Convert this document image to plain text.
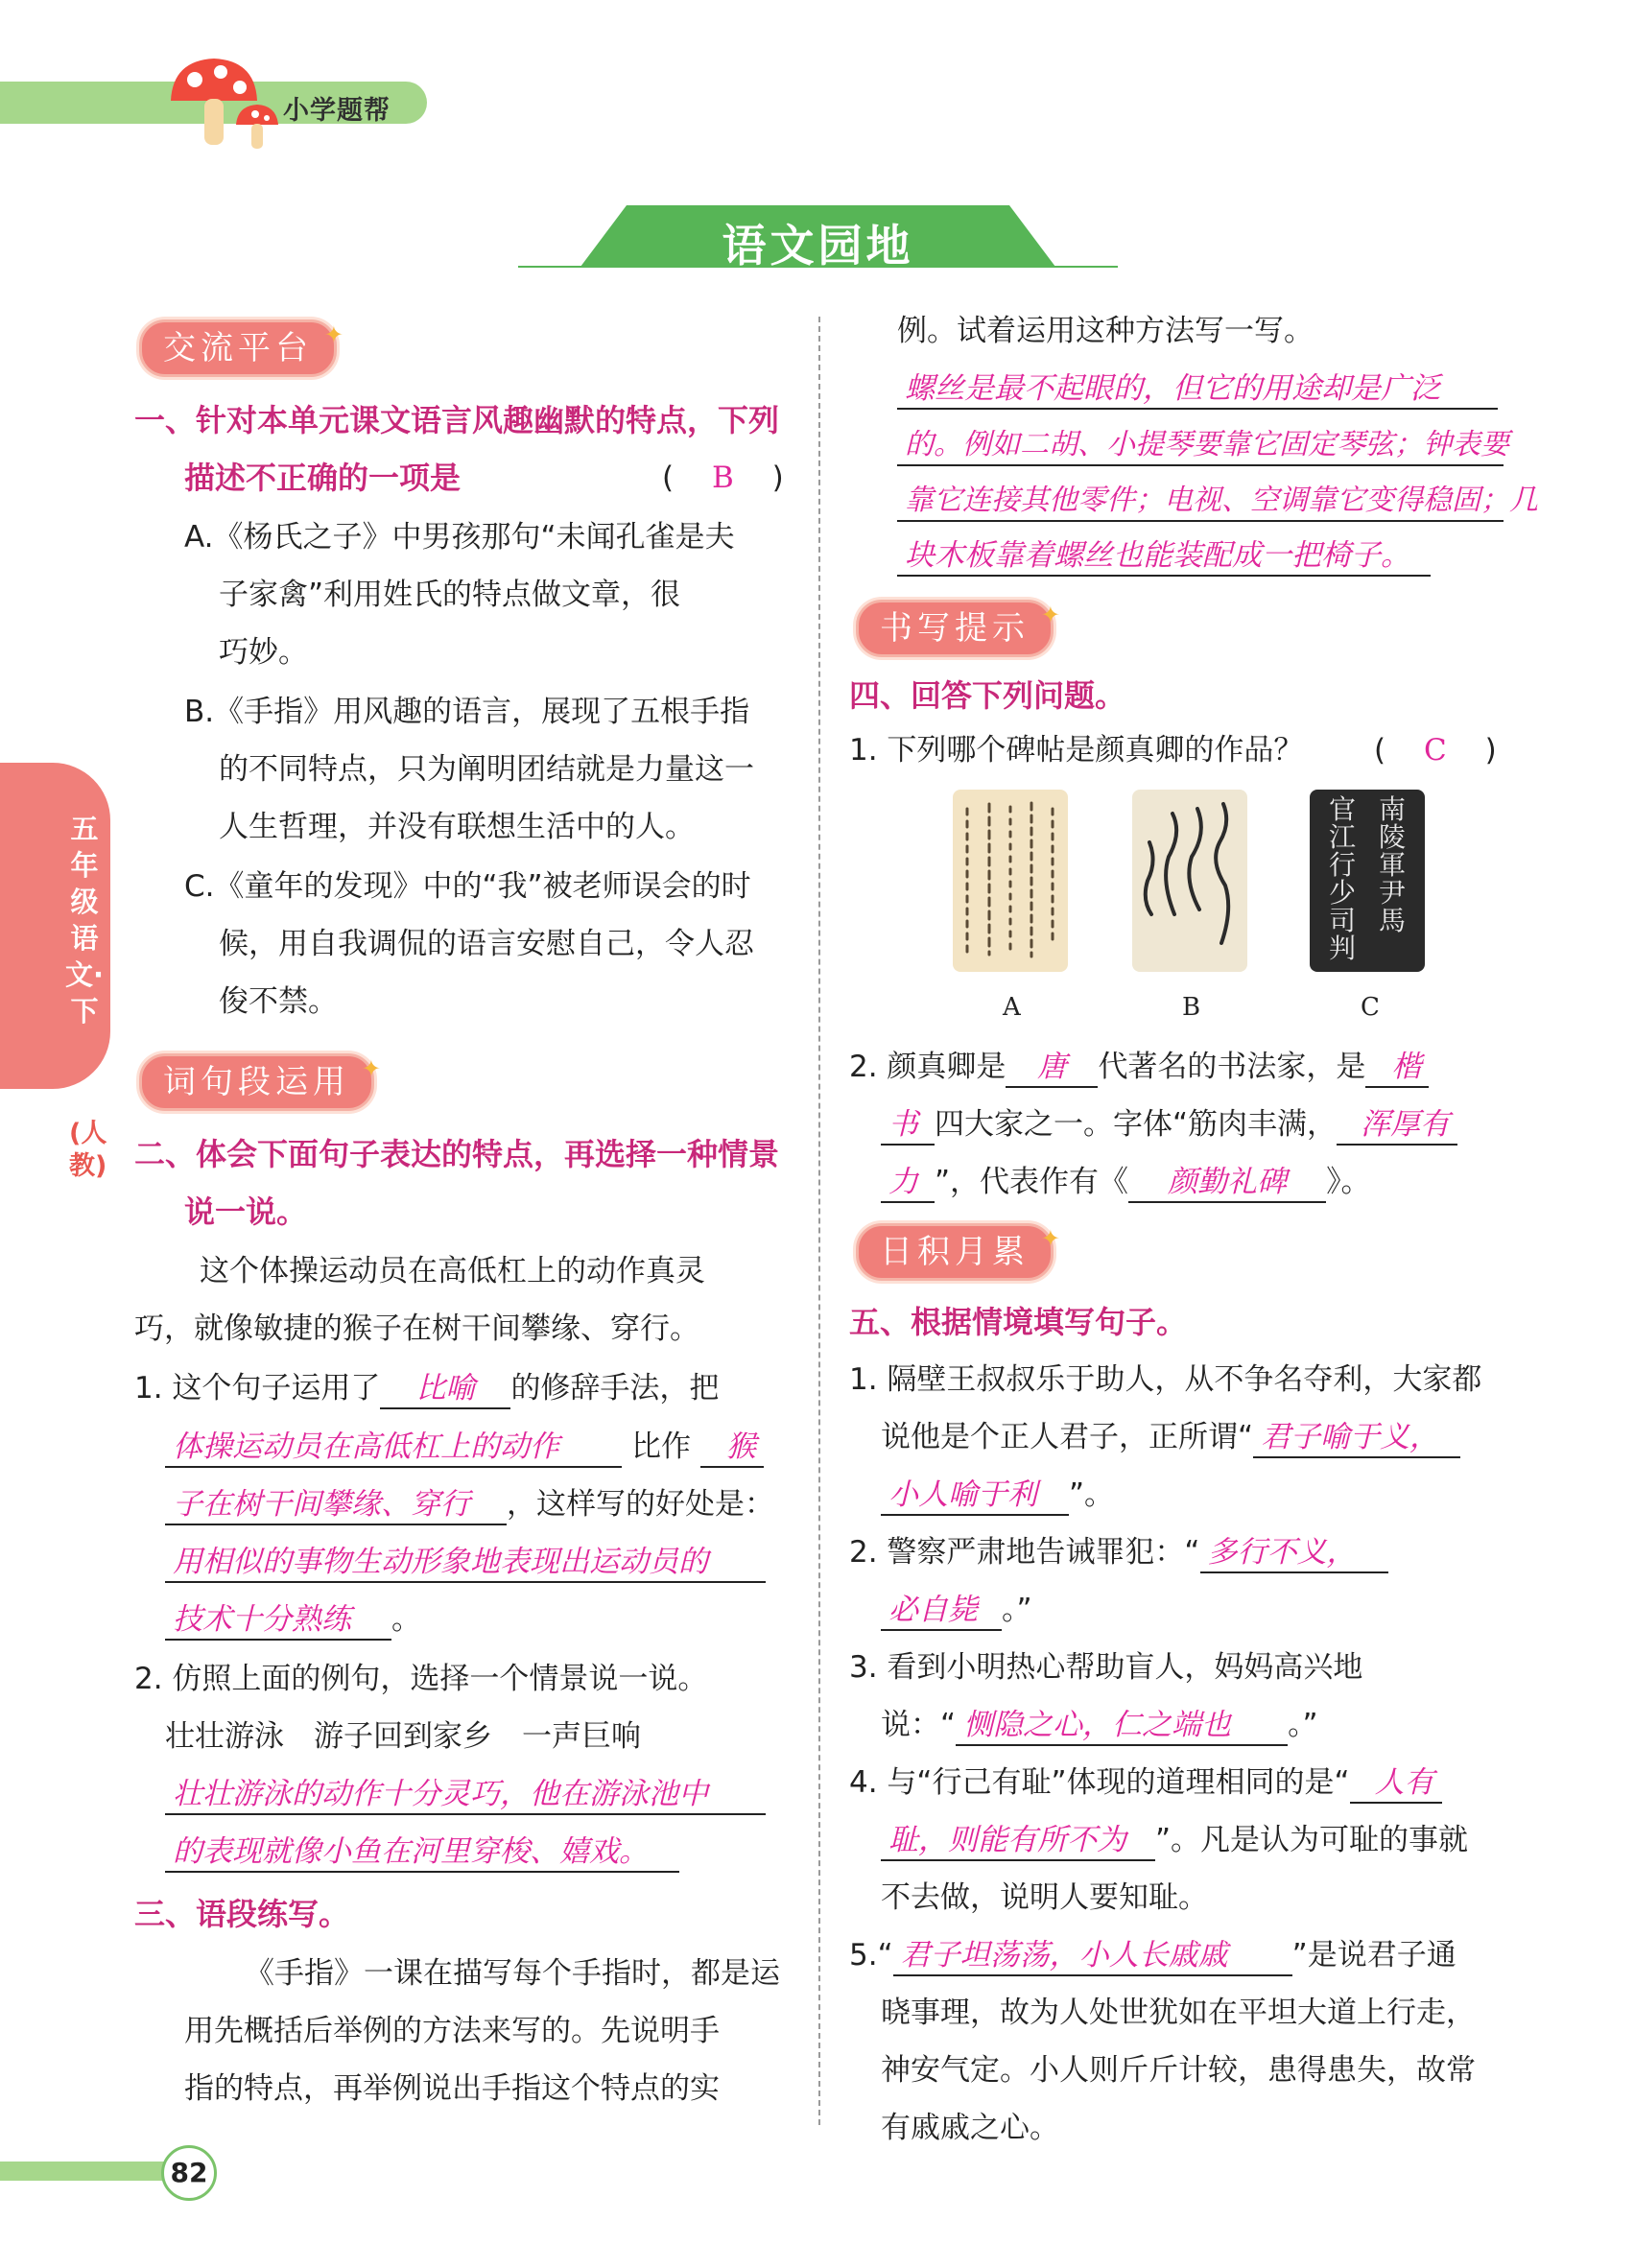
小学题帮
语文园地
五年级语文·下
(人教)
交流平台 ✦
一、针对本单元课文语言风趣幽默的特点，下列
描述不正确的一项是	( B )
A.《杨氏之子》中男孩那句“未闻孔雀是夫
子家禽”利用姓氏的特点做文章，很
巧妙。
B.《手指》用风趣的语言，展现了五根手指
的不同特点，只为阐明团结就是力量这一
人生哲理，并没有联想生活中的人。
C.《童年的发现》中的“我”被老师误会的时
候，用自我调侃的语言安慰自己，令人忍
俊不禁。
词句段运用 ✦
二、体会下面句子表达的特点，再选择一种情景
说一说。
这个体操运动员在高低杠上的动作真灵
巧，就像敏捷的猴子在树干间攀缘、穿行。
1. 这个句子运用了 比喻 的修辞手法，把
体操运动员在高低杠上的动作 比作 猴
子在树干间攀缘、穿行 ，这样写的好处是：
用相似的事物生动形象地表现出运动员的
技术十分熟练 。
2. 仿照上面的例句，选择一个情景说一说。
壮壮游泳　游子回到家乡　一声巨响
壮壮游泳的动作十分灵巧，他在游泳池中
的表现就像小鱼在河里穿梭、嬉戏。
三、语段练写。
《手指》一课在描写每个手指时，都是运
用先概括后举例的方法来写的。先说明手
指的特点，再举例说出手指这个特点的实
例。试着运用这种方法写一写。
螺丝是最不起眼的，但它的用途却是广泛
的。例如二胡、小提琴要靠它固定琴弦；钟表要
靠它连接其他零件；电视、空调靠它变得稳固；几
块木板靠着螺丝也能装配成一把椅子。
书写提示 ✦
四、回答下列问题。
1. 下列哪个碑帖是颜真卿的作品？ ( C )
官江
南陵
行少
軍尹
司判
馬
A	B	C
2. 颜真卿是 唐 代著名的书法家，是 楷
书 四大家之一。字体“筋肉丰满， 浑厚有
力 ”，代表作有《 颜勤礼碑 》。
日积月累 ✦
五、根据情境填写句子。
1. 隔壁王叔叔乐于助人，从不争名夺利，大家都
说他是个正人君子，正所谓“ 君子喻于义，
小人喻于利 ”。
2. 警察严肃地告诫罪犯：“ 多行不义，
必自毙 。”
3. 看到小明热心帮助盲人，妈妈高兴地
说：“ 恻隐之心，仁之端也 。”
4. 与“行己有耻”体现的道理相同的是“ 人有
耻，则能有所不为 ”。凡是认为可耻的事就
不去做，说明人要知耻。
5.“ 君子坦荡荡，小人长戚戚 ”是说君子通
晓事理，故为人处世犹如在平坦大道上行走，
神安气定。小人则斤斤计较，患得患失，故常
有戚戚之心。
82
